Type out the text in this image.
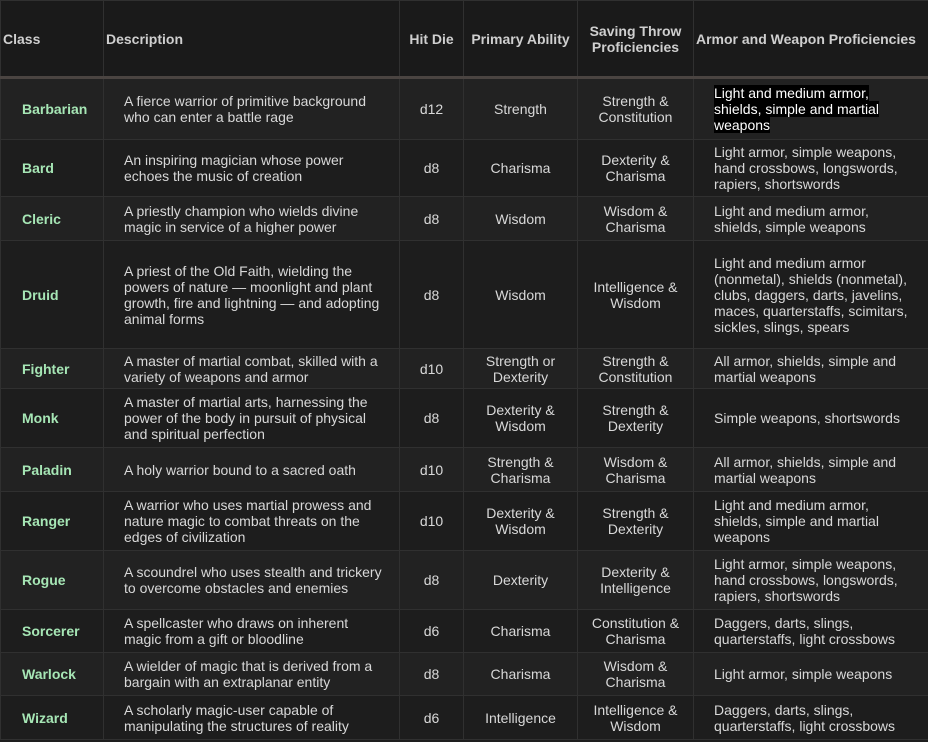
Class	Description	Hit Die	Primary Ability	Saving Throw Proficiencies	Armor and Weapon Proficiencies
Barbarian	A fierce warrior of primitive background who can enter a battle rage	d12	Strength	Strength & Constitution	Light and medium armor, shields, simple and martial weapons
Bard	An inspiring magician whose power echoes the music of creation	d8	Charisma	Dexterity & Charisma	Light armor, simple weapons, hand crossbows, longswords, rapiers, shortswords
Cleric	A priestly champion who wields divine magic in service of a higher power	d8	Wisdom	Wisdom & Charisma	Light and medium armor, shields, simple weapons
Druid	A priest of the Old Faith, wielding the powers of nature — moonlight and plant growth, fire and lightning — and adopting animal forms	d8	Wisdom	Intelligence & Wisdom	Light and medium armor (nonmetal), shields (nonmetal), clubs, daggers, darts, javelins, maces, quarterstaffs, scimitars, sickles, slings, spears
Fighter	A master of martial combat, skilled with a variety of weapons and armor	d10	Strength or Dexterity	Strength & Constitution	All armor, shields, simple and martial weapons
Monk	A master of martial arts, harnessing the power of the body in pursuit of physical and spiritual perfection	d8	Dexterity & Wisdom	Strength & Dexterity	Simple weapons, shortswords
Paladin	A holy warrior bound to a sacred oath	d10	Strength & Charisma	Wisdom & Charisma	All armor, shields, simple and martial weapons
Ranger	A warrior who uses martial prowess and nature magic to combat threats on the edges of civilization	d10	Dexterity & Wisdom	Strength & Dexterity	Light and medium armor, shields, simple and martial weapons
Rogue	A scoundrel who uses stealth and trickery to overcome obstacles and enemies	d8	Dexterity	Dexterity & Intelligence	Light armor, simple weapons, hand crossbows, longswords, rapiers, shortswords
Sorcerer	A spellcaster who draws on inherent magic from a gift or bloodline	d6	Charisma	Constitution & Charisma	Daggers, darts, slings, quarterstaffs, light crossbows
Warlock	A wielder of magic that is derived from a bargain with an extraplanar entity	d8	Charisma	Wisdom & Charisma	Light armor, simple weapons
Wizard	A scholarly magic-user capable of manipulating the structures of reality	d6	Intelligence	Intelligence & Wisdom	Daggers, darts, slings, quarterstaffs, light crossbows
